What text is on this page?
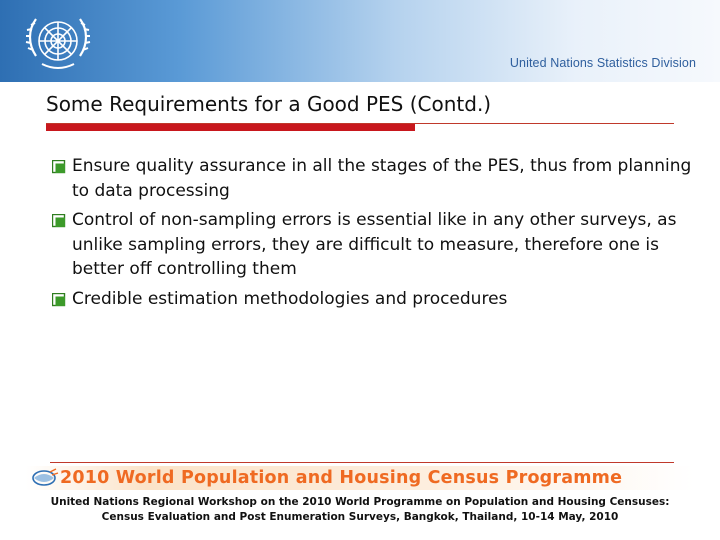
United Nations Statistics Division
Some Requirements for a Good PES (Contd.)
Ensure quality assurance in all the stages of the PES, thus from planning to data processing
Control of non-sampling errors is essential like in any other surveys, as unlike sampling errors, they are difficult to measure, therefore one is better off controlling them
Credible estimation methodologies and procedures
2010 World Population and Housing Census Programme
United Nations Regional Workshop on the 2010 World Programme on Population and Housing Censuses:
Census Evaluation and Post Enumeration Surveys, Bangkok, Thailand, 10-14 May, 2010
